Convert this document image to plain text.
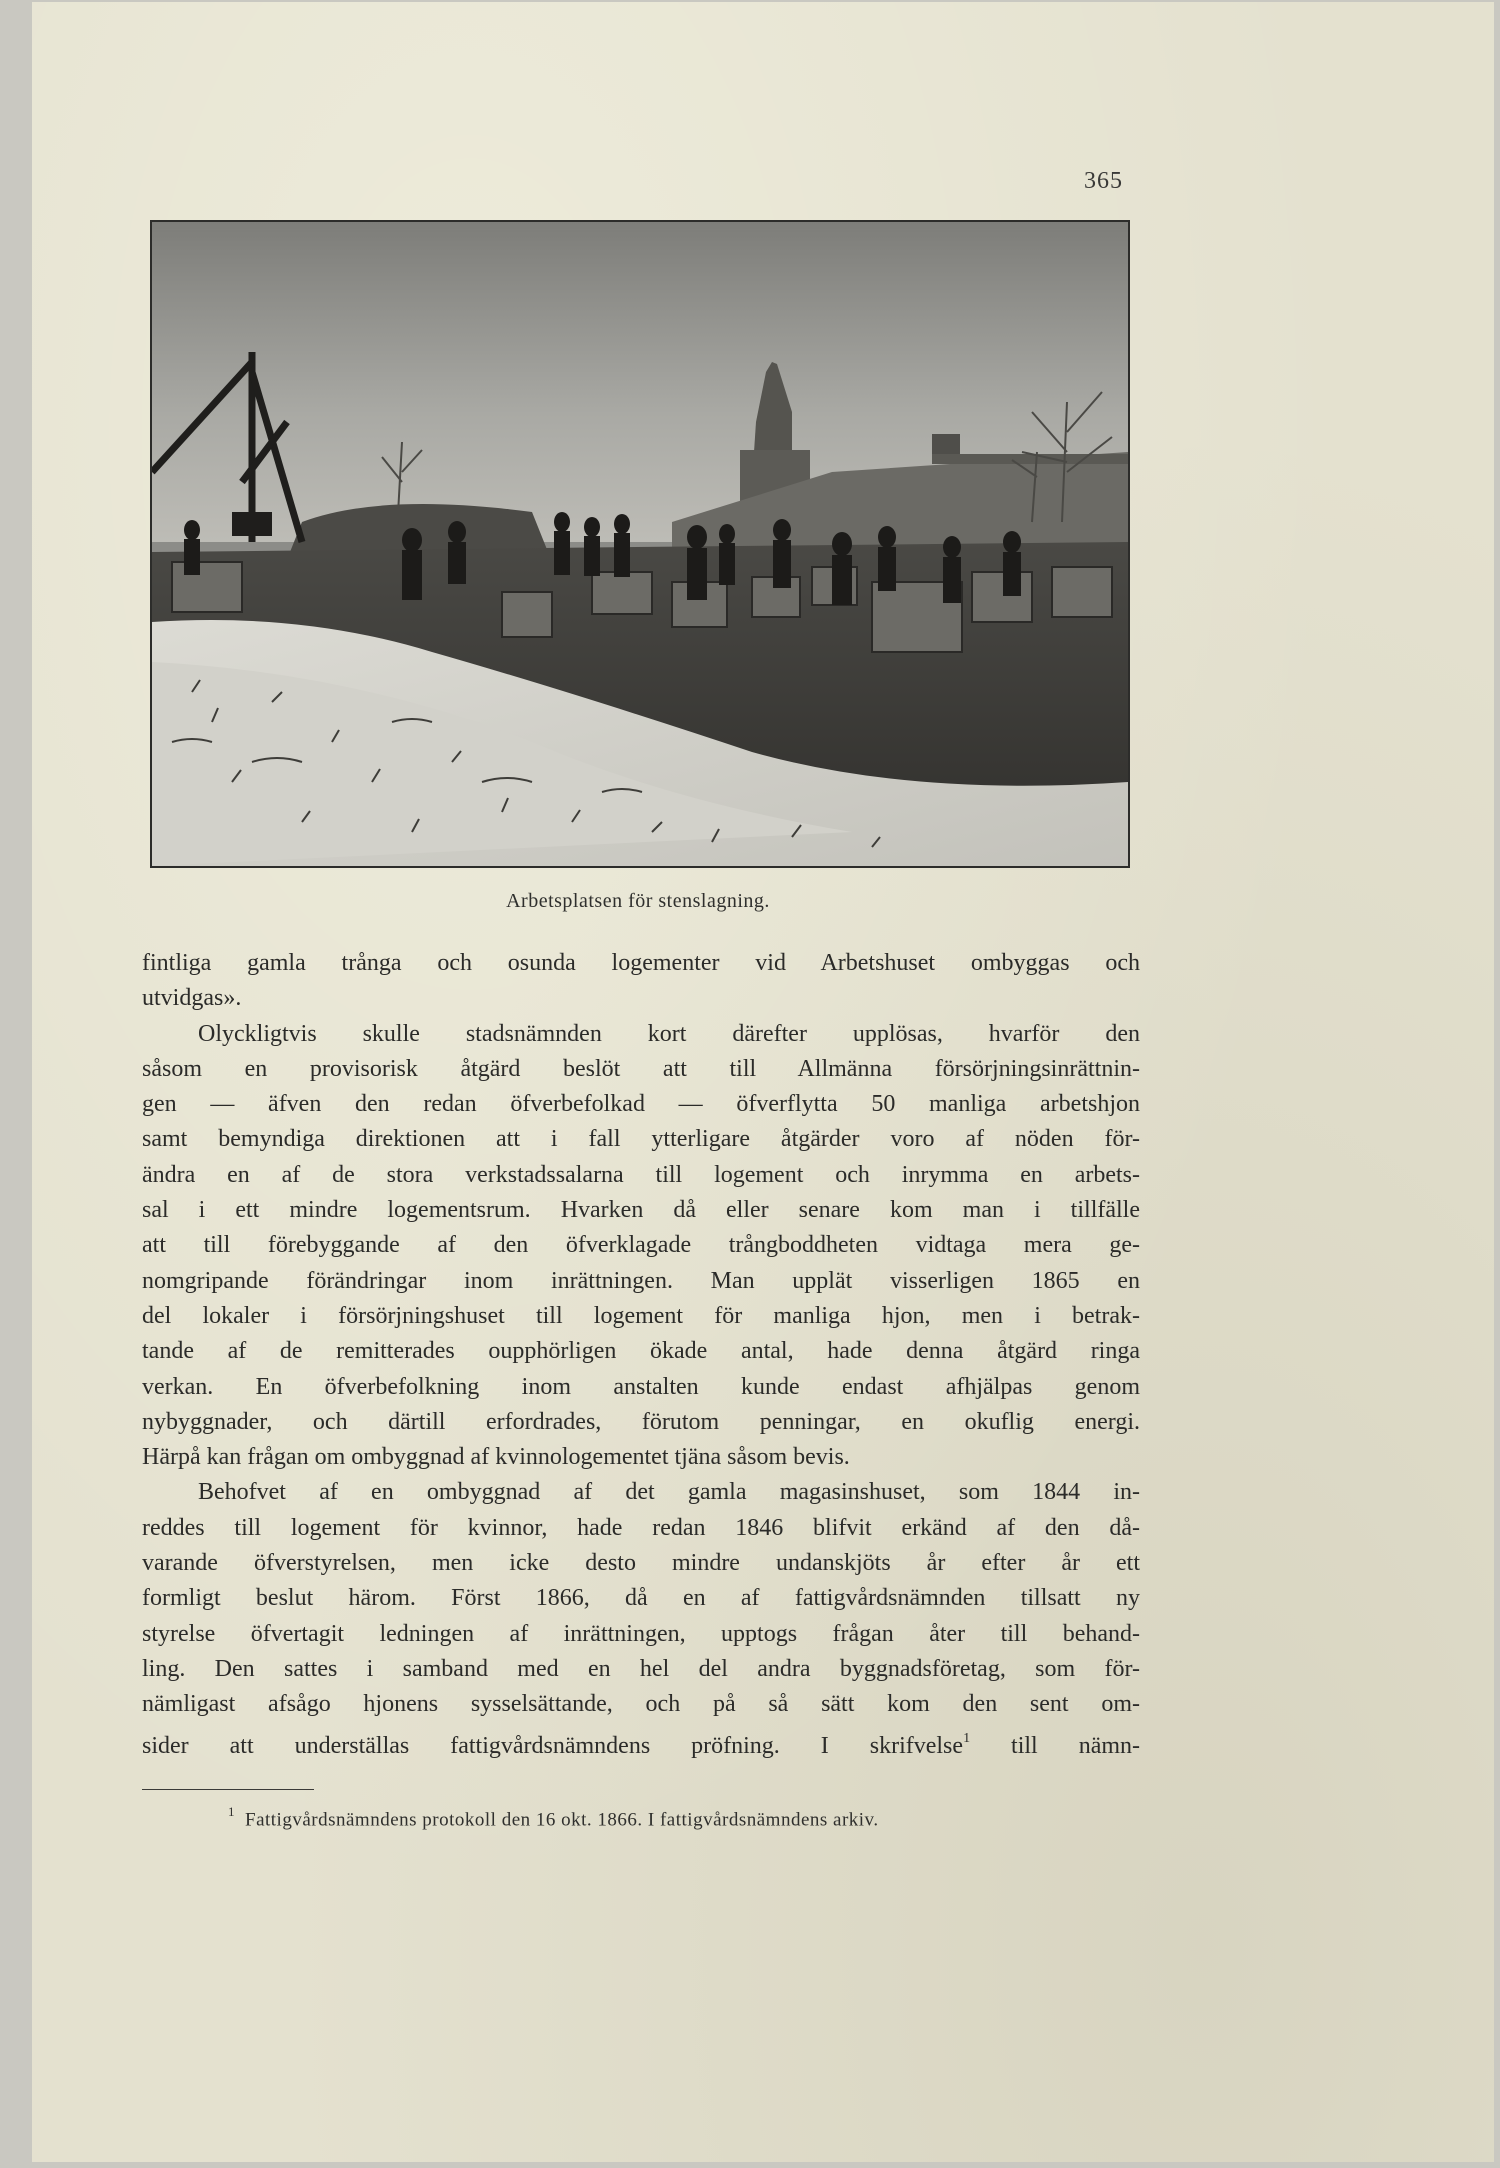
365
Arbetsplatsen för stenslagning.
fintliga gamla trånga och osunda logementer vid Arbetshuset ombyggas och
utvidgas».
Olyckligtvis skulle stadsnämnden kort därefter upplösas, hvarför den
såsom en provisorisk åtgärd beslöt att till Allmänna försörjningsinrättnin-
gen — äfven den redan öfverbefolkad — öfverflytta 50 manliga arbetshjon
samt bemyndiga direktionen att i fall ytterligare åtgärder voro af nöden för-
ändra en af de stora verkstadssalarna till logement och inrymma en arbets-
sal i ett mindre logementsrum. Hvarken då eller senare kom man i tillfälle
att till förebyggande af den öfverklagade trångboddheten vidtaga mera ge-
nomgripande förändringar inom inrättningen. Man upplät visserligen 1865 en
del lokaler i försörjningshuset till logement för manliga hjon, men i betrak-
tande af de remitterades oupphörligen ökade antal, hade denna åtgärd ringa
verkan. En öfverbefolkning inom anstalten kunde endast afhjälpas genom
nybyggnader, och därtill erfordrades, förutom penningar, en okuflig energi.
Härpå kan frågan om ombyggnad af kvinnologementet tjäna såsom bevis.
Behofvet af en ombyggnad af det gamla magasinshuset, som 1844 in-
reddes till logement för kvinnor, hade redan 1846 blifvit erkänd af den då-
varande öfverstyrelsen, men icke desto mindre undanskjöts år efter år ett
formligt beslut härom. Först 1866, då en af fattigvårdsnämnden tillsatt ny
styrelse öfvertagit ledningen af inrättningen, upptogs frågan åter till behand-
ling. Den sattes i samband med en hel del andra byggnadsföretag, som för-
nämligast afsågo hjonens sysselsättande, och på så sätt kom den sent om-
sider att underställas fattigvårdsnämndens pröfning. I skrifvelse$^1$ till nämn-
$^1$ Fattigvårdsnämndens protokoll den 16 okt. 1866. I fattigvårdsnämndens arkiv.
